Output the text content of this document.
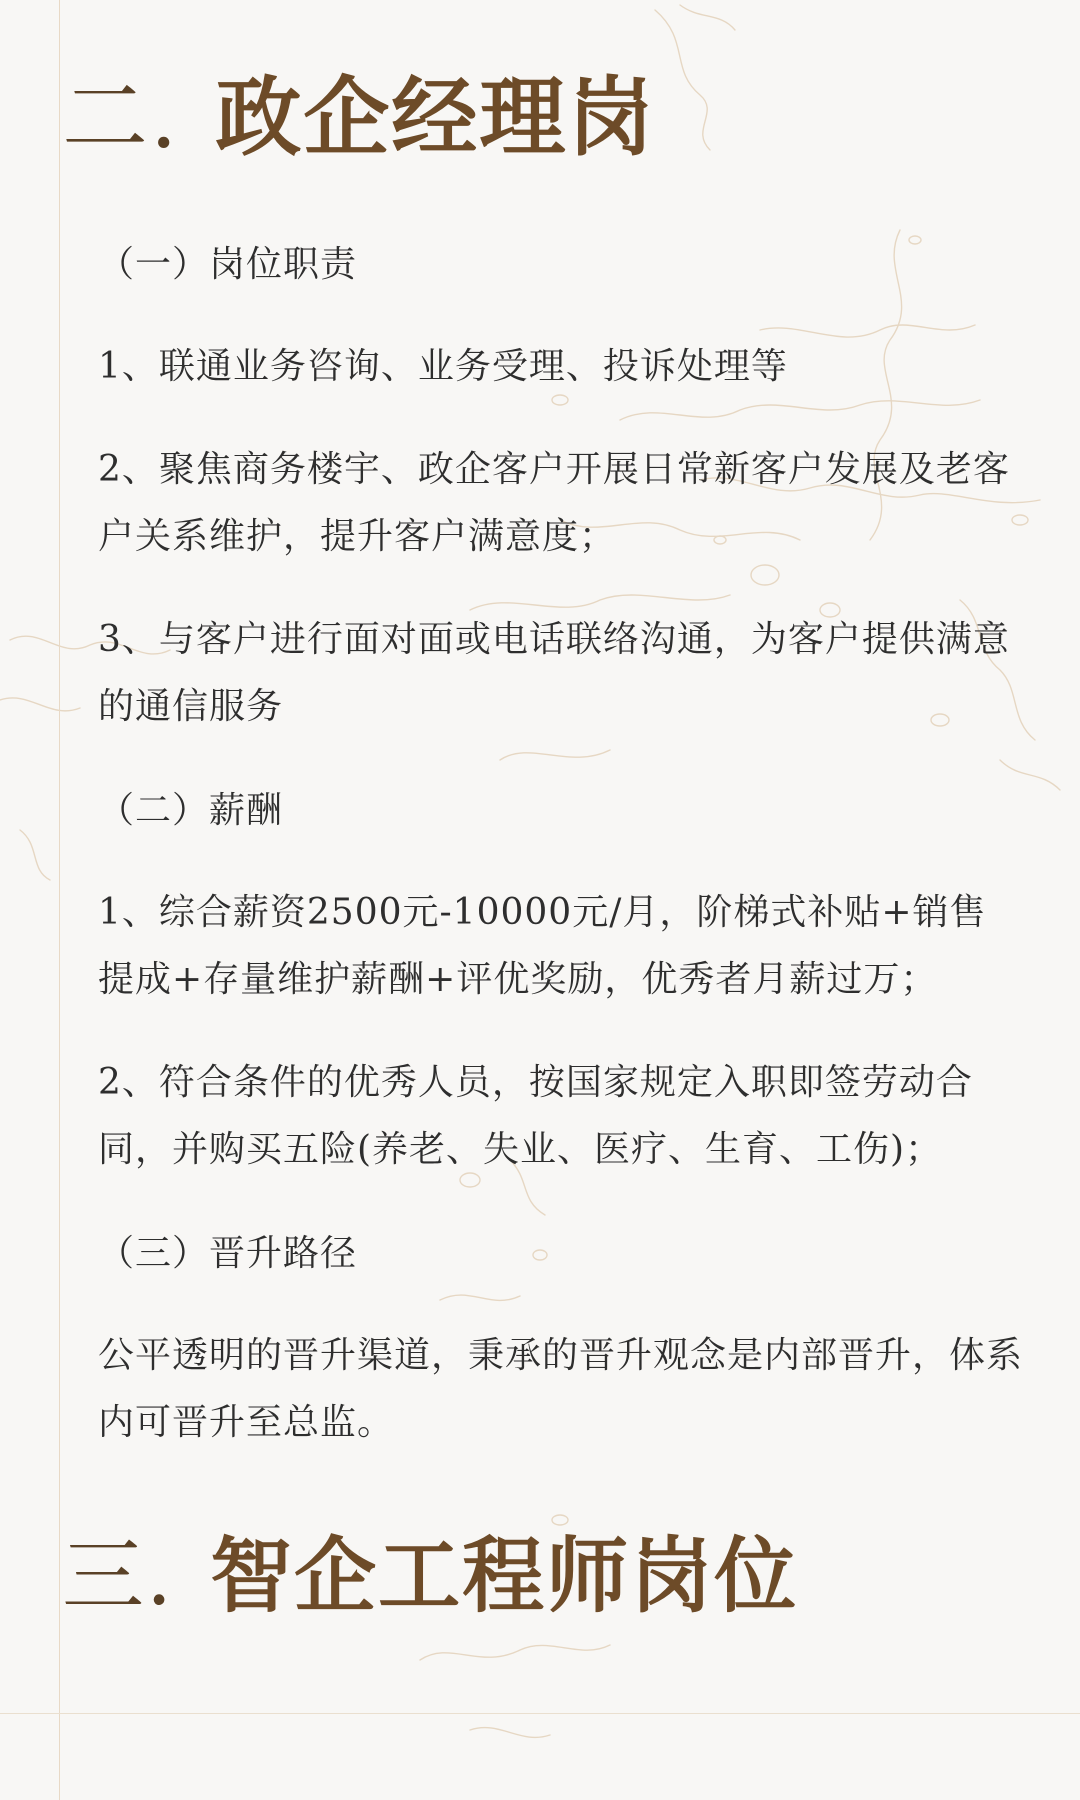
二. 政企经理岗
（一）岗位职责
1、联通业务咨询、业务受理、投诉处理等
2、聚焦商务楼宇、政企客户开展日常新客户发展及老客户关系维护，提升客户满意度；
3、与客户进行面对面或电话联络沟通，为客户提供满意的通信服务
（二）薪酬
1、综合薪资2500元-10000元/月，阶梯式补贴+销售提成+存量维护薪酬+评优奖励，优秀者月薪过万；
2、符合条件的优秀人员，按国家规定入职即签劳动合同，并购买五险(养老、失业、医疗、生育、工伤)；
（三）晋升路径
公平透明的晋升渠道，秉承的晋升观念是内部晋升，体系内可晋升至总监。
三. 智企工程师岗位
